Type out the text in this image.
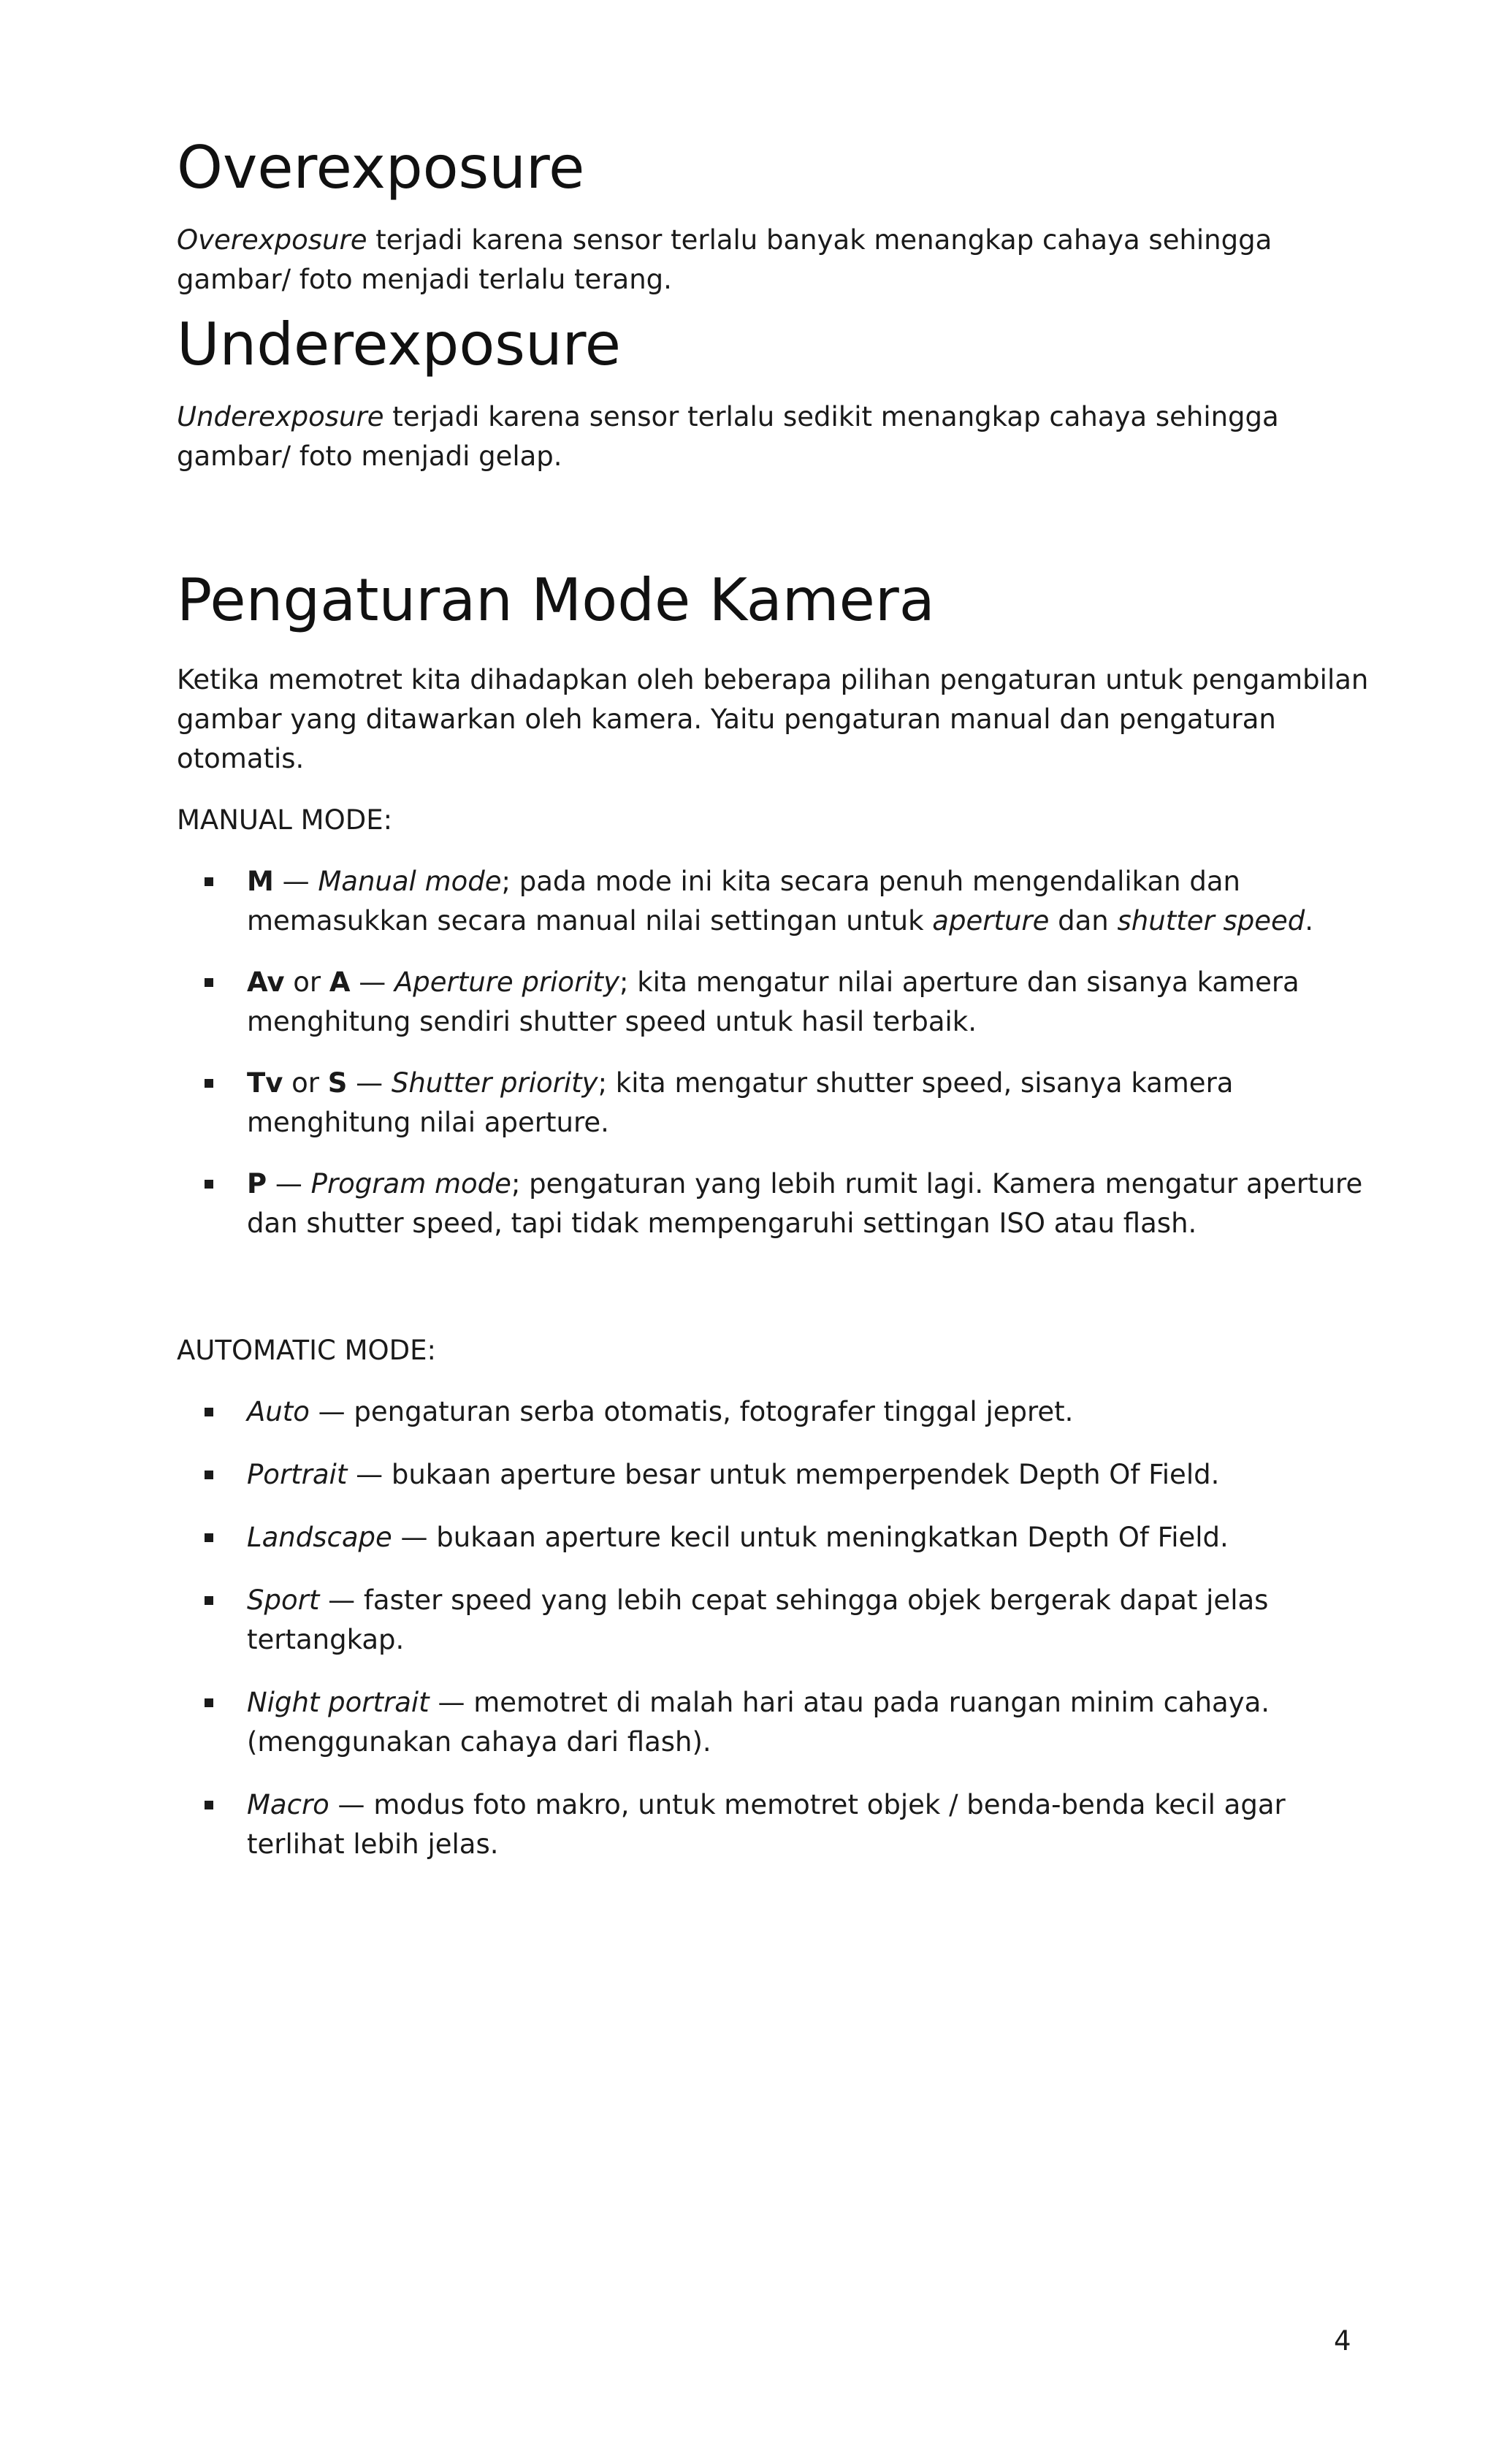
Overexposure

Overexposure terjadi karena sensor terlalu banyak menangkap cahaya sehingga gambar/ foto menjadi terlalu terang.

Underexposure

Underexposure terjadi karena sensor terlalu sedikit menangkap cahaya sehingga gambar/ foto menjadi gelap.

Pengaturan Mode Kamera

Ketika memotret kita dihadapkan oleh beberapa pilihan pengaturan untuk pengambilan gambar yang ditawarkan oleh kamera. Yaitu pengaturan manual dan pengaturan otomatis.

MANUAL MODE:

M — Manual mode; pada mode ini kita secara penuh mengendalikan dan memasukkan secara manual nilai settingan untuk aperture dan shutter speed.
Av or A — Aperture priority; kita mengatur nilai aperture dan sisanya kamera menghitung sendiri shutter speed untuk hasil terbaik.
Tv or S — Shutter priority; kita mengatur shutter speed, sisanya kamera menghitung nilai aperture.
P — Program mode; pengaturan yang lebih rumit lagi. Kamera mengatur aperture dan shutter speed, tapi tidak mempengaruhi settingan ISO atau flash.

AUTOMATIC MODE:

Auto — pengaturan serba otomatis, fotografer tinggal jepret.
Portrait — bukaan aperture besar untuk memperpendek Depth Of Field.
Landscape — bukaan aperture kecil untuk meningkatkan Depth Of Field.
Sport — faster speed yang lebih cepat sehingga objek bergerak dapat jelas tertangkap.
Night portrait — memotret di malah hari atau pada ruangan minim cahaya. (menggunakan cahaya dari flash).
Macro — modus foto makro, untuk memotret objek / benda-benda kecil agar terlihat lebih jelas.
4
